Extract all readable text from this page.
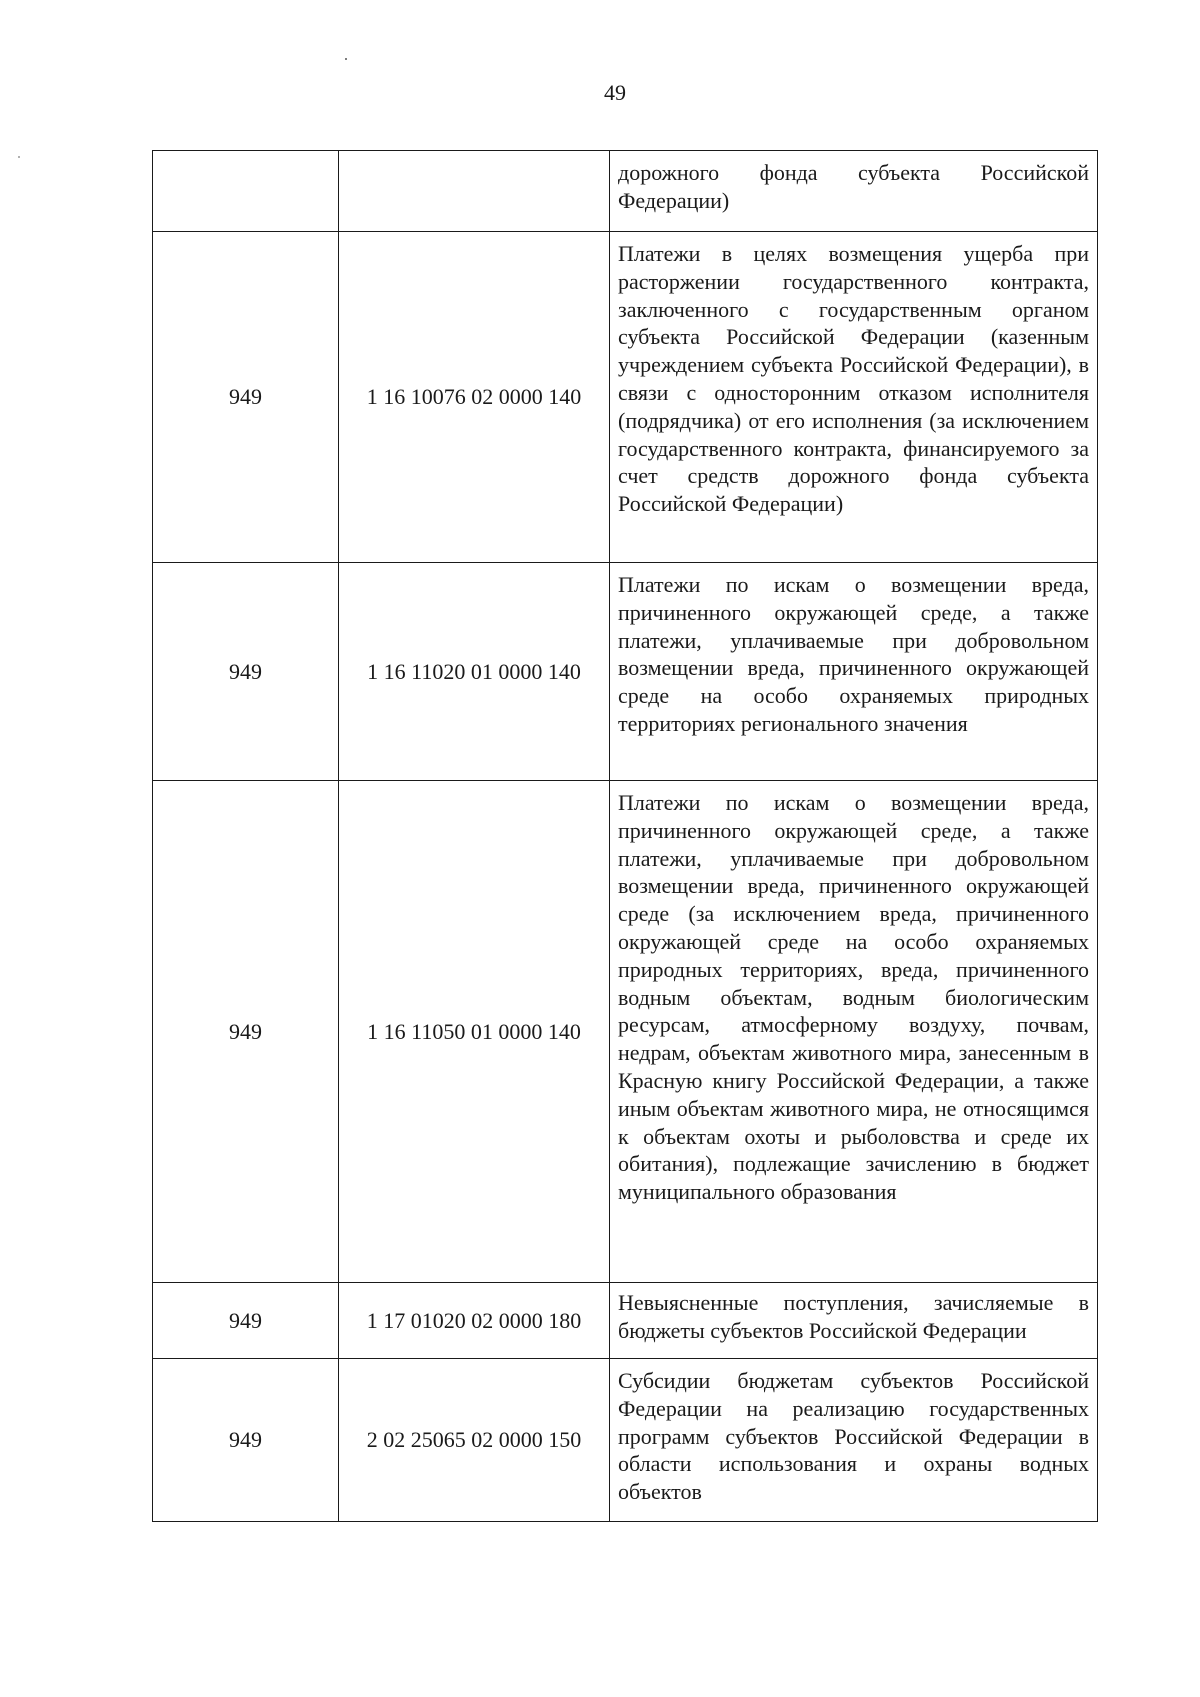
49
		дорожного фонда субъекта Российской Федерации)
949	1 16 10076 02 0000 140	Платежи в целях возмещения ущерба при расторжении государственного контракта, заключенного с государственным органом субъекта Российской Федерации (казенным учреждением субъекта Российской Федерации), в связи с односторонним отказом исполнителя (подрядчика) от его исполнения (за исключением государственного контракта, финансируемого за счет средств дорожного фонда субъекта Российской Федерации)
949	1 16 11020 01 0000 140	Платежи по искам о возмещении вреда, причиненного окружающей среде, а также платежи, уплачиваемые при добровольном возмещении вреда, причиненного окружающей среде на особо охраняемых природных территориях регионального значения
949	1 16 11050 01 0000 140	Платежи по искам о возмещении вреда, причиненного окружающей среде, а также платежи, уплачиваемые при добровольном возмещении вреда, причиненного окружающей среде (за исключением вреда, причиненного окружающей среде на особо охраняемых природных территориях, вреда, причиненного водным объектам, водным биологическим ресурсам, атмосферному воздуху, почвам, недрам, объектам животного мира, занесенным в Красную книгу Российской Федерации, а также иным объектам животного мира, не относящимся к объектам охоты и рыболовства и среде их обитания), подлежащие зачислению в бюджет муниципального образования
949	1 17 01020 02 0000 180	Невыясненные поступления, зачисляемые в бюджеты субъектов Российской Федерации
949	2 02 25065 02 0000 150	Субсидии бюджетам субъектов Российской Федерации на реализацию государственных программ субъектов Российской Федерации в области использования и охраны водных объектов
